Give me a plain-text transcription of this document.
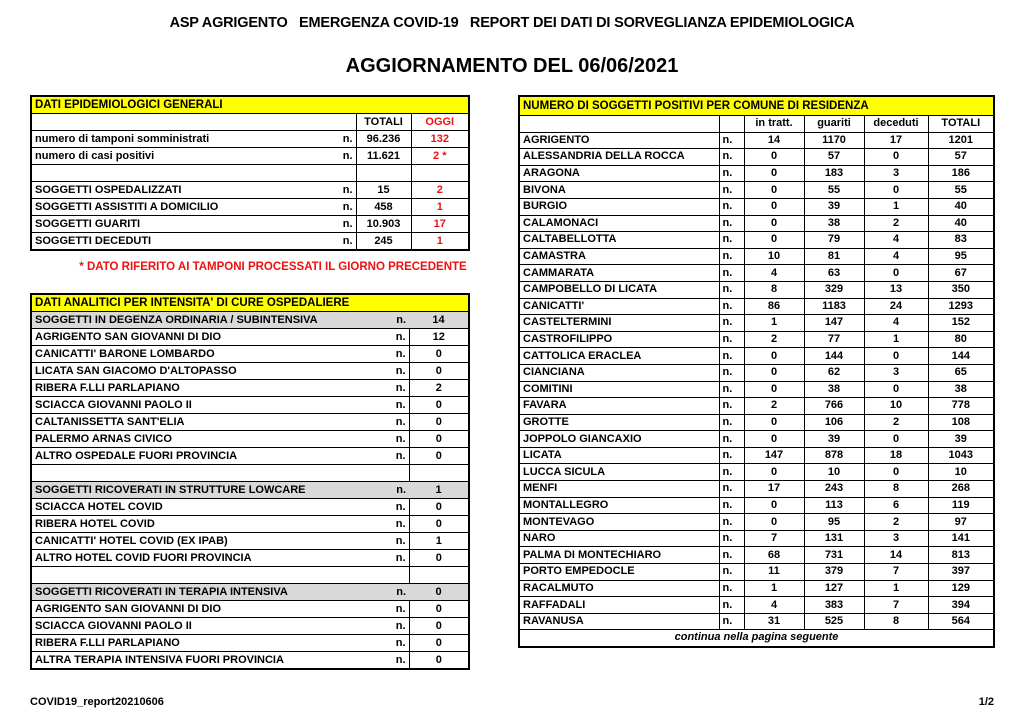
ASP AGRIGENTO   EMERGENZA COVID-19   REPORT DEI DATI DI SORVEGLIANZA EPIDEMIOLOGICA
AGGIORNAMENTO DEL 06/06/2021
DATI EPIDEMIOLOGICI GENERALI		
	TOTALI	OGGI
numero di tamponi somministrati n.	96.236	132
numero di casi positivi n.	11.621	2 *

SOGGETTI OSPEDALIZZATI n.	15	2
SOGGETTI ASSISTITI A DOMICILIO n.	458	1
SOGGETTI GUARITI n.	10.903	17
SOGGETTI DECEDUTI n.	245	1
* DATO RIFERITO AI TAMPONI PROCESSATI IL GIORNO PRECEDENTE
DATI ANALITICI PER INTENSITA' DI CURE OSPEDALIERE	
SOGGETTI IN DEGENZA ORDINARIA / SUBINTENSIVA n.	14
AGRIGENTO SAN GIOVANNI DI DIO n.	12
CANICATTI' BARONE LOMBARDO n.	0
LICATA SAN GIACOMO D'ALTOPASSO n.	0
RIBERA F.LLI PARLAPIANO n.	2
SCIACCA GIOVANNI PAOLO II n.	0
CALTANISSETTA SANT'ELIA n.	0
PALERMO ARNAS CIVICO n.	0
ALTRO OSPEDALE FUORI PROVINCIA n.	0

SOGGETTI RICOVERATI IN STRUTTURE LOWCARE n.	1
SCIACCA HOTEL COVID n.	0
RIBERA HOTEL COVID n.	0
CANICATTI' HOTEL COVID (EX IPAB) n.	1
ALTRO HOTEL COVID FUORI PROVINCIA n.	0

SOGGETTI RICOVERATI IN TERAPIA INTENSIVA n.	0
AGRIGENTO SAN GIOVANNI DI DIO n.	0
SCIACCA GIOVANNI PAOLO II n.	0
RIBERA F.LLI PARLAPIANO n.	0
ALTRA TERAPIA INTENSIVA FUORI PROVINCIA n.	0
NUMERO DI SOGGETTI POSITIVI PER COMUNE DI RESIDENZA					
		in tratt.	guariti	deceduti	TOTALI
AGRIGENTO	n.	14	1170	17	1201
ALESSANDRIA DELLA ROCCA	n.	0	57	0	57
ARAGONA	n.	0	183	3	186
BIVONA	n.	0	55	0	55
BURGIO	n.	0	39	1	40
CALAMONACI	n.	0	38	2	40
CALTABELLOTTA	n.	0	79	4	83
CAMASTRA	n.	10	81	4	95
CAMMARATA	n.	4	63	0	67
CAMPOBELLO DI LICATA	n.	8	329	13	350
CANICATTI'	n.	86	1183	24	1293
CASTELTERMINI	n.	1	147	4	152
CASTROFILIPPO	n.	2	77	1	80
CATTOLICA ERACLEA	n.	0	144	0	144
CIANCIANA	n.	0	62	3	65
COMITINI	n.	0	38	0	38
FAVARA	n.	2	766	10	778
GROTTE	n.	0	106	2	108
JOPPOLO GIANCAXIO	n.	0	39	0	39
LICATA	n.	147	878	18	1043
LUCCA SICULA	n.	0	10	0	10
MENFI	n.	17	243	8	268
MONTALLEGRO	n.	0	113	6	119
MONTEVAGO	n.	0	95	2	97
NARO	n.	7	131	3	141
PALMA DI MONTECHIARO	n.	68	731	14	813
PORTO EMPEDOCLE	n.	11	379	7	397
RACALMUTO	n.	1	127	1	129
RAFFADALI	n.	4	383	7	394
RAVANUSA	n.	31	525	8	564
continua nella pagina seguente					
COVID19_report20210606	1/2
